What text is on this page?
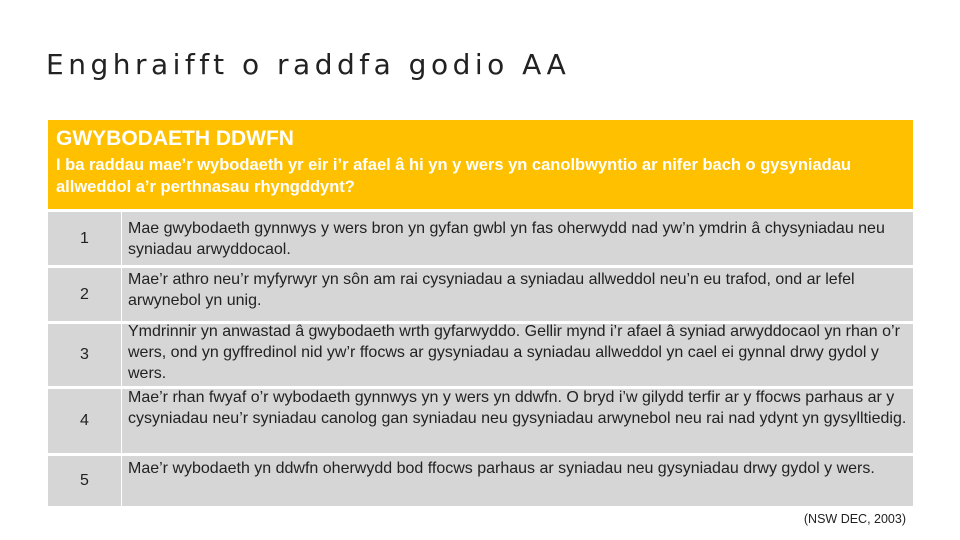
Enghraifft o raddfa godio AA
GWYBODAETH DDWFN
I ba raddau mae’r wybodaeth yr eir i’r afael â hi yn y wers yn canolbwyntio ar nifer bach o gysyniadau allweddol a’r perthnasau rhyngddynt?
1
Mae gwybodaeth gynnwys y wers bron yn gyfan gwbl yn fas oherwydd nad yw’n ymdrin â chysyniadau neu syniadau arwyddocaol.
2
Mae’r athro neu’r myfyrwyr yn sôn am rai cysyniadau a syniadau allweddol neu’n eu trafod, ond ar lefel arwynebol yn unig.
3
Ymdrinnir yn anwastad â gwybodaeth wrth gyfarwyddo. Gellir mynd i’r afael â syniad arwyddocaol yn rhan o’r wers, ond yn gyffredinol nid yw’r ffocws ar gysyniadau a syniadau allweddol yn cael ei gynnal drwy gydol y wers.
4
Mae’r rhan fwyaf o’r wybodaeth gynnwys yn y wers yn ddwfn. O bryd i’w gilydd terfir ar y ffocws parhaus ar y cysyniadau neu’r syniadau canolog gan syniadau neu gysyniadau arwynebol neu rai nad ydynt yn gysylltiedig.
5
Mae’r wybodaeth yn ddwfn oherwydd bod ffocws parhaus ar syniadau neu gysyniadau drwy gydol y wers.
(NSW DEC, 2003)
